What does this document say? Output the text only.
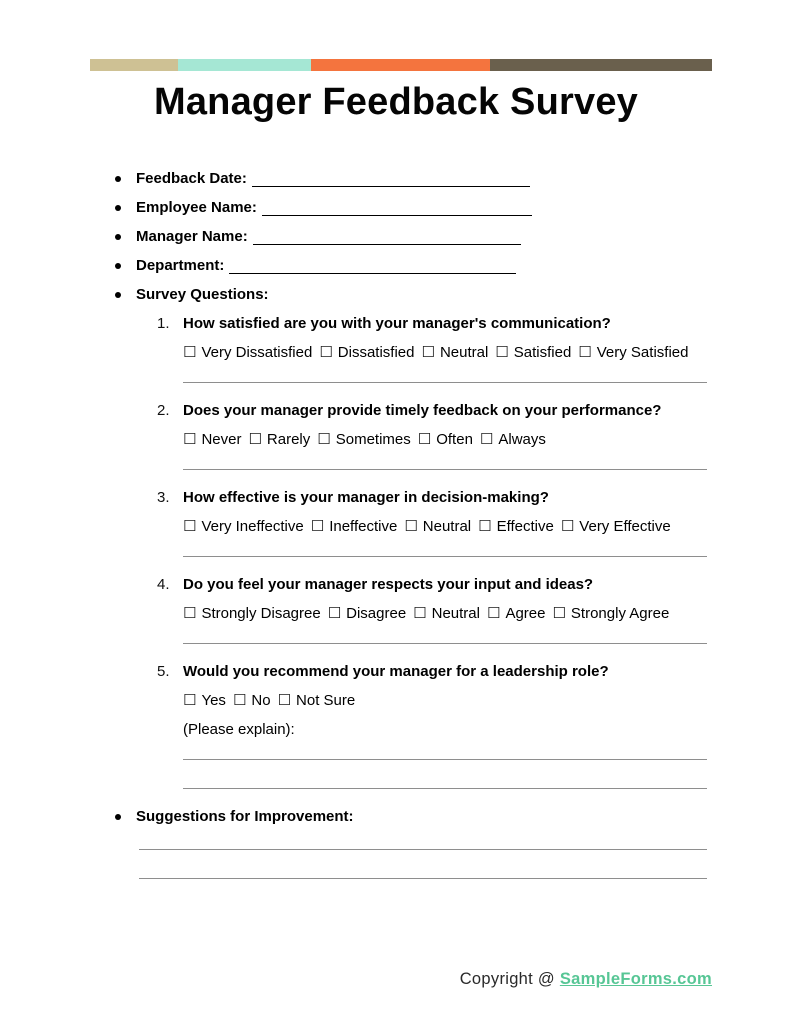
Manager Feedback Survey
Feedback Date:
Employee Name:
Manager Name:
Department:
Survey Questions:
1. How satisfied are you with your manager's communication?
☐ Very Dissatisfied ☐ Dissatisfied ☐ Neutral ☐ Satisfied ☐ Very Satisfied
2. Does your manager provide timely feedback on your performance?
☐ Never ☐ Rarely ☐ Sometimes ☐ Often ☐ Always
3. How effective is your manager in decision-making?
☐ Very Ineffective ☐ Ineffective ☐ Neutral ☐ Effective ☐ Very Effective
4. Do you feel your manager respects your input and ideas?
☐ Strongly Disagree ☐ Disagree ☐ Neutral ☐ Agree ☐ Strongly Agree
5. Would you recommend your manager for a leadership role?
☐ Yes ☐ No ☐ Not Sure
(Please explain):
Suggestions for Improvement:
Copyright @ SampleForms.com
